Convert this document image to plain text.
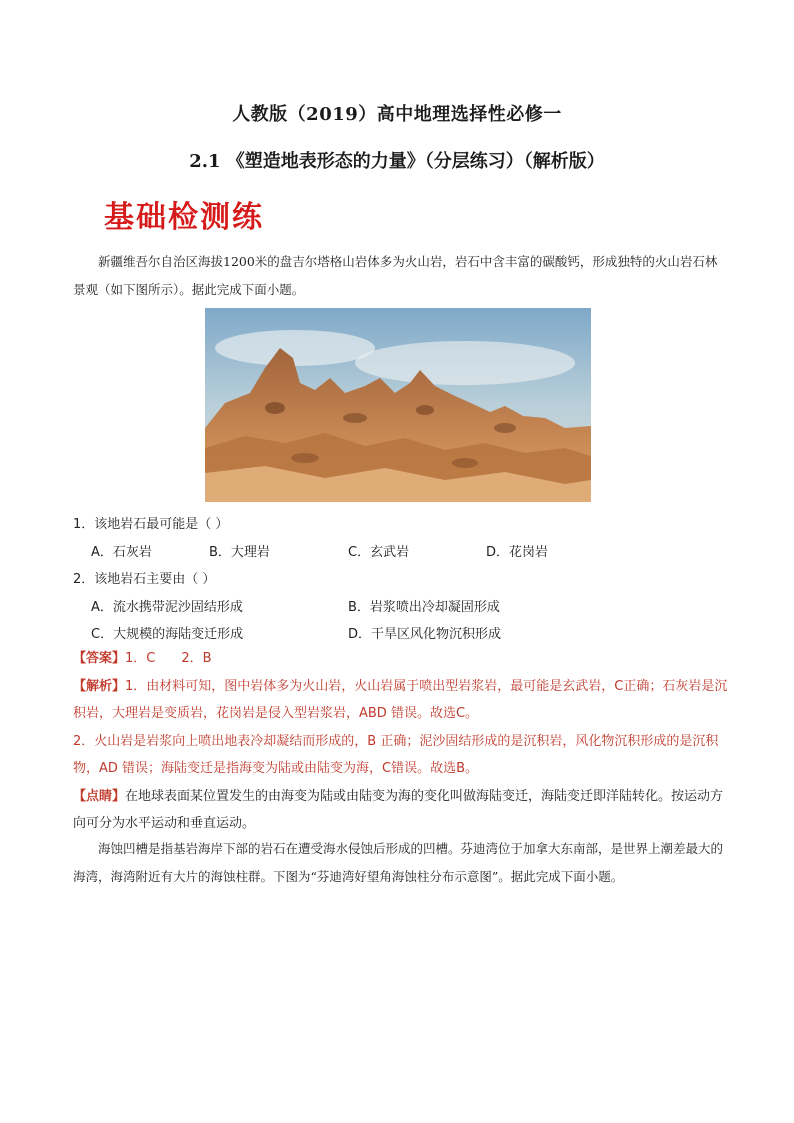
人教版（2019）高中地理选择性必修一
2.1 《塑造地表形态的力量》（分层练习）（解析版）
基础检测练
新疆维吾尔自治区海拔1200米的盘吉尔塔格山岩体多为火山岩，岩石中含丰富的碳酸钙，形成独特的火山岩石林景观（如下图所示）。据此完成下面小题。
1．该地岩石最可能是（ ）
A．石灰岩	B．大理岩	C．玄武岩	D．花岗岩
2．该地岩石主要由（ ）
A．流水携带泥沙固结形成	B．岩浆喷出冷却凝固形成
C．大规模的海陆变迁形成	D．干旱区风化物沉积形成
【答案】1．C　　2．B
【解析】1．由材料可知，图中岩体多为火山岩，火山岩属于喷出型岩浆岩，最可能是玄武岩，C正确；石灰岩是沉积岩，大理岩是变质岩，花岗岩是侵入型岩浆岩，ABD 错误。故选C。
2．火山岩是岩浆向上喷出地表冷却凝结而形成的，B 正确；泥沙固结形成的是沉积岩，风化物沉积形成的是沉积物，AD 错误；海陆变迁是指海变为陆或由陆变为海，C错误。故选B。
【点睛】在地球表面某位置发生的由海变为陆或由陆变为海的变化叫做海陆变迁，海陆变迁即洋陆转化。按运动方向可分为水平运动和垂直运动。
海蚀凹槽是指基岩海岸下部的岩石在遭受海水侵蚀后形成的凹槽。芬迪湾位于加拿大东南部，是世界上潮差最大的海湾，海湾附近有大片的海蚀柱群。下图为“芬迪湾好望角海蚀柱分布示意图”。据此完成下面小题。
